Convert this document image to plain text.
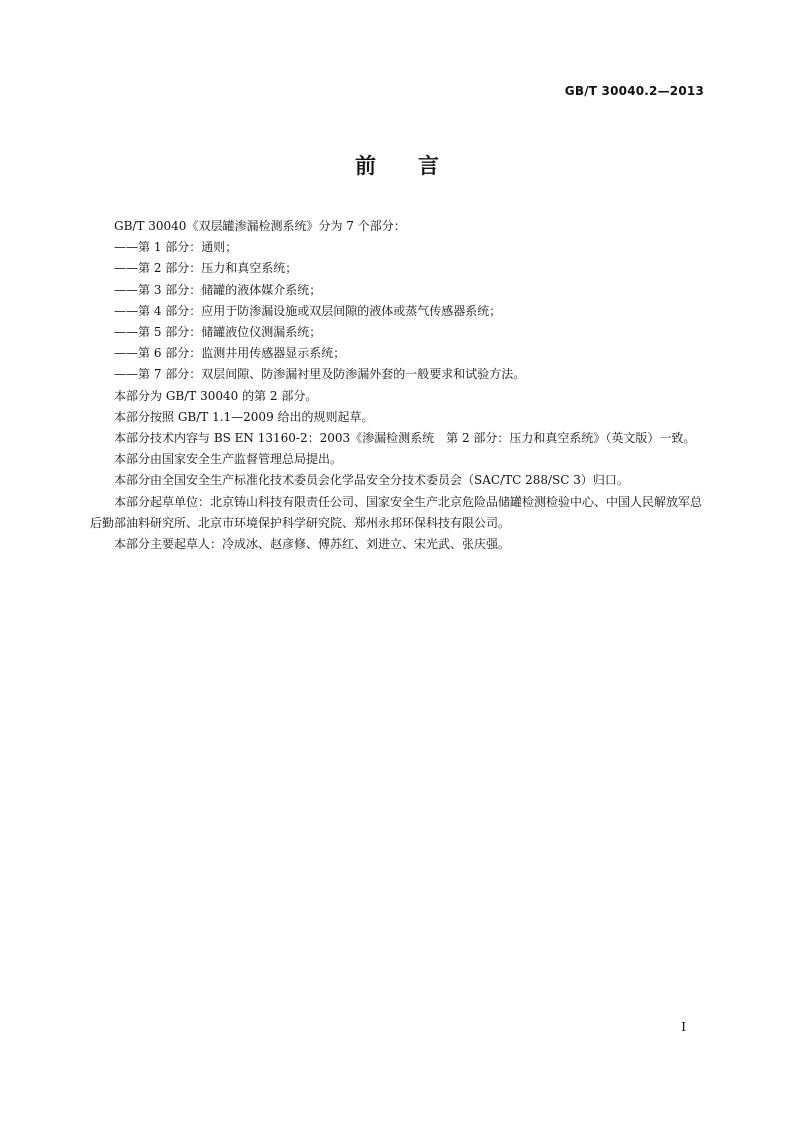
GB/T 30040.2—2013
前言

GB/T 30040《双层罐渗漏检测系统》分为 7 个部分：

——第 1 部分：通则；

——第 2 部分：压力和真空系统；

——第 3 部分：储罐的液体媒介系统；

——第 4 部分：应用于防渗漏设施或双层间隙的液体或蒸气传感器系统；

——第 5 部分：储罐液位仪测漏系统；

——第 6 部分：监测井用传感器显示系统；

——第 7 部分：双层间隙、防渗漏衬里及防渗漏外套的一般要求和试验方法。

本部分为 GB/T 30040 的第 2 部分。

本部分按照 GB/T 1.1—2009 给出的规则起草。

本部分技术内容与 BS EN 13160-2：2003《渗漏检测系统　第 2 部分：压力和真空系统》（英文版）一致。

本部分由国家安全生产监督管理总局提出。

本部分由全国安全生产标准化技术委员会化学品安全分技术委员会（SAC/TC 288/SC 3）归口。

本部分起草单位：北京铸山科技有限责任公司、国家安全生产北京危险品储罐检测检验中心、中国人民解放军总后勤部油料研究所、北京市环境保护科学研究院、郑州永邦环保科技有限公司。

本部分主要起草人：冷成冰、赵彦修、傅苏红、刘进立、宋光武、张庆强。

I
